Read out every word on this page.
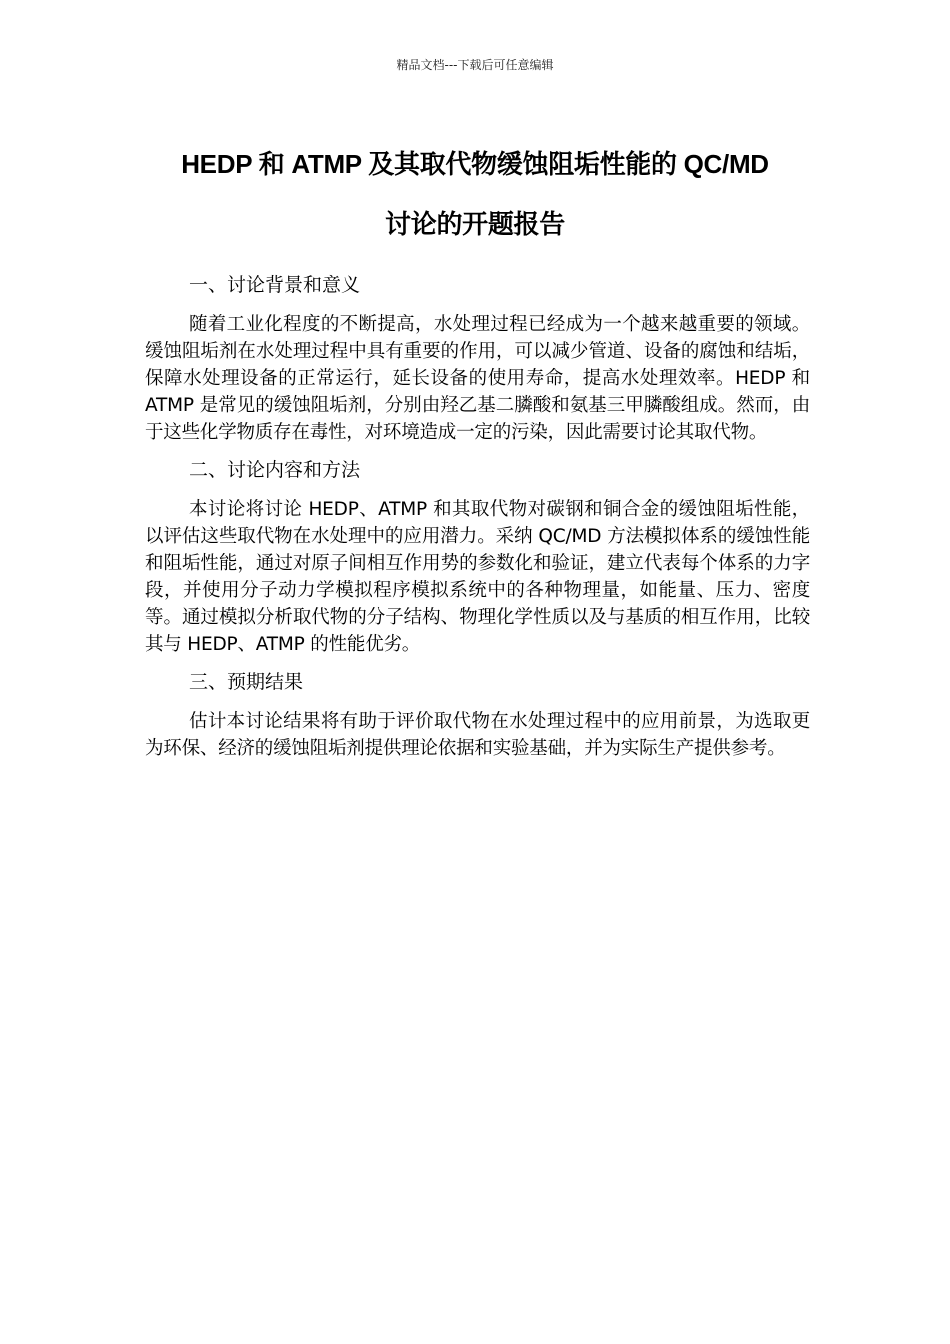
精品文档---下载后可任意编辑
HEDP 和 ATMP 及其取代物缓蚀阻垢性能的 QC/MD
讨论的开题报告
一、讨论背景和意义

随着工业化程度的不断提高，水处理过程已经成为一个越来越重要的领域。缓蚀阻垢剂在水处理过程中具有重要的作用，可以减少管道、设备的腐蚀和结垢，保障水处理设备的正常运行，延长设备的使用寿命，提高水处理效率。HEDP 和 ATMP 是常见的缓蚀阻垢剂，分别由羟乙基二膦酸和氨基三甲膦酸组成。然而，由于这些化学物质存在毒性，对环境造成一定的污染，因此需要讨论其取代物。

二、讨论内容和方法

本讨论将讨论 HEDP、ATMP 和其取代物对碳钢和铜合金的缓蚀阻垢性能，以评估这些取代物在水处理中的应用潜力。采纳 QC/MD 方法模拟体系的缓蚀性能和阻垢性能，通过对原子间相互作用势的参数化和验证，建立代表每个体系的力字段，并使用分子动力学模拟程序模拟系统中的各种物理量，如能量、压力、密度等。通过模拟分析取代物的分子结构、物理化学性质以及与基质的相互作用，比较其与 HEDP、ATMP 的性能优劣。

三、预期结果

估计本讨论结果将有助于评价取代物在水处理过程中的应用前景，为选取更为环保、经济的缓蚀阻垢剂提供理论依据和实验基础，并为实际生产提供参考。
